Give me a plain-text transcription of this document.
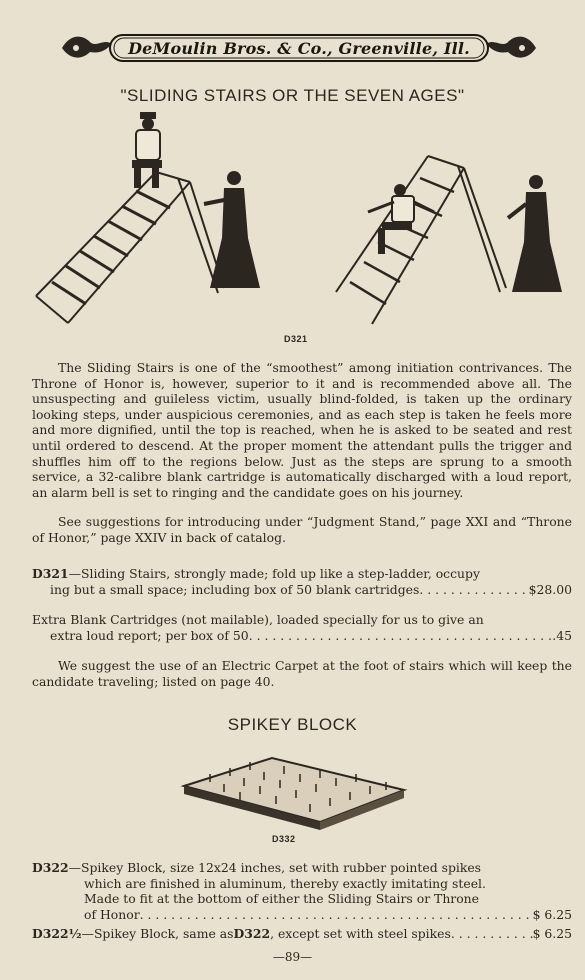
DeMoulin Bros. & Co., Greenville, Ill.
"SLIDING STAIRS OR THE SEVEN AGES"
D321

The Sliding Stairs is one of the “smoothest” among initiation contrivances. The Throne of Honor is, however, superior to it and is recommended above all. The unsuspecting and guileless victim, usually blind-folded, is taken up the ordinary looking steps, under auspicious ceremonies, and as each step is taken he feels more and more dignified, until the top is reached, when he is asked to be seated and rest until ordered to descend. At the proper moment the attendant pulls the trigger and shuffles him off to the regions below. Just as the steps are sprung to a smooth service, a 32-calibre blank cartridge is automatically discharged with a loud report, an alarm bell is set to ringing and the candidate goes on his journey.

See suggestions for introducing under “Judgment Stand,” page XXI and “Throne of Honor,” page XXIV in back of catalog.

D321 —Sliding Stairs, strongly made; fold up like a step-ladder, occupy
ing but a small space; including box of 50 blank cartridges . . .	$28.00
Extra Blank Cartridges (not mailable), loaded specially for us to give an
extra loud report; per box of 50 . . .	.45

We suggest the use of an Electric Carpet at the foot of stairs which will keep the candidate traveling; listed on page 40.

SPIKEY BLOCK
D332
D322 —Spikey Block, size 12x24 inches, set with rubber pointed spikes
which are finished in aluminum, thereby exactly imitating steel.
Made to fit at the bottom of either the Sliding Stairs or Throne
of Honor . . .	$ 6.25
D322½ —Spikey Block, same as D322 , except set with steel spikes . . .	$ 6.25
—89—
